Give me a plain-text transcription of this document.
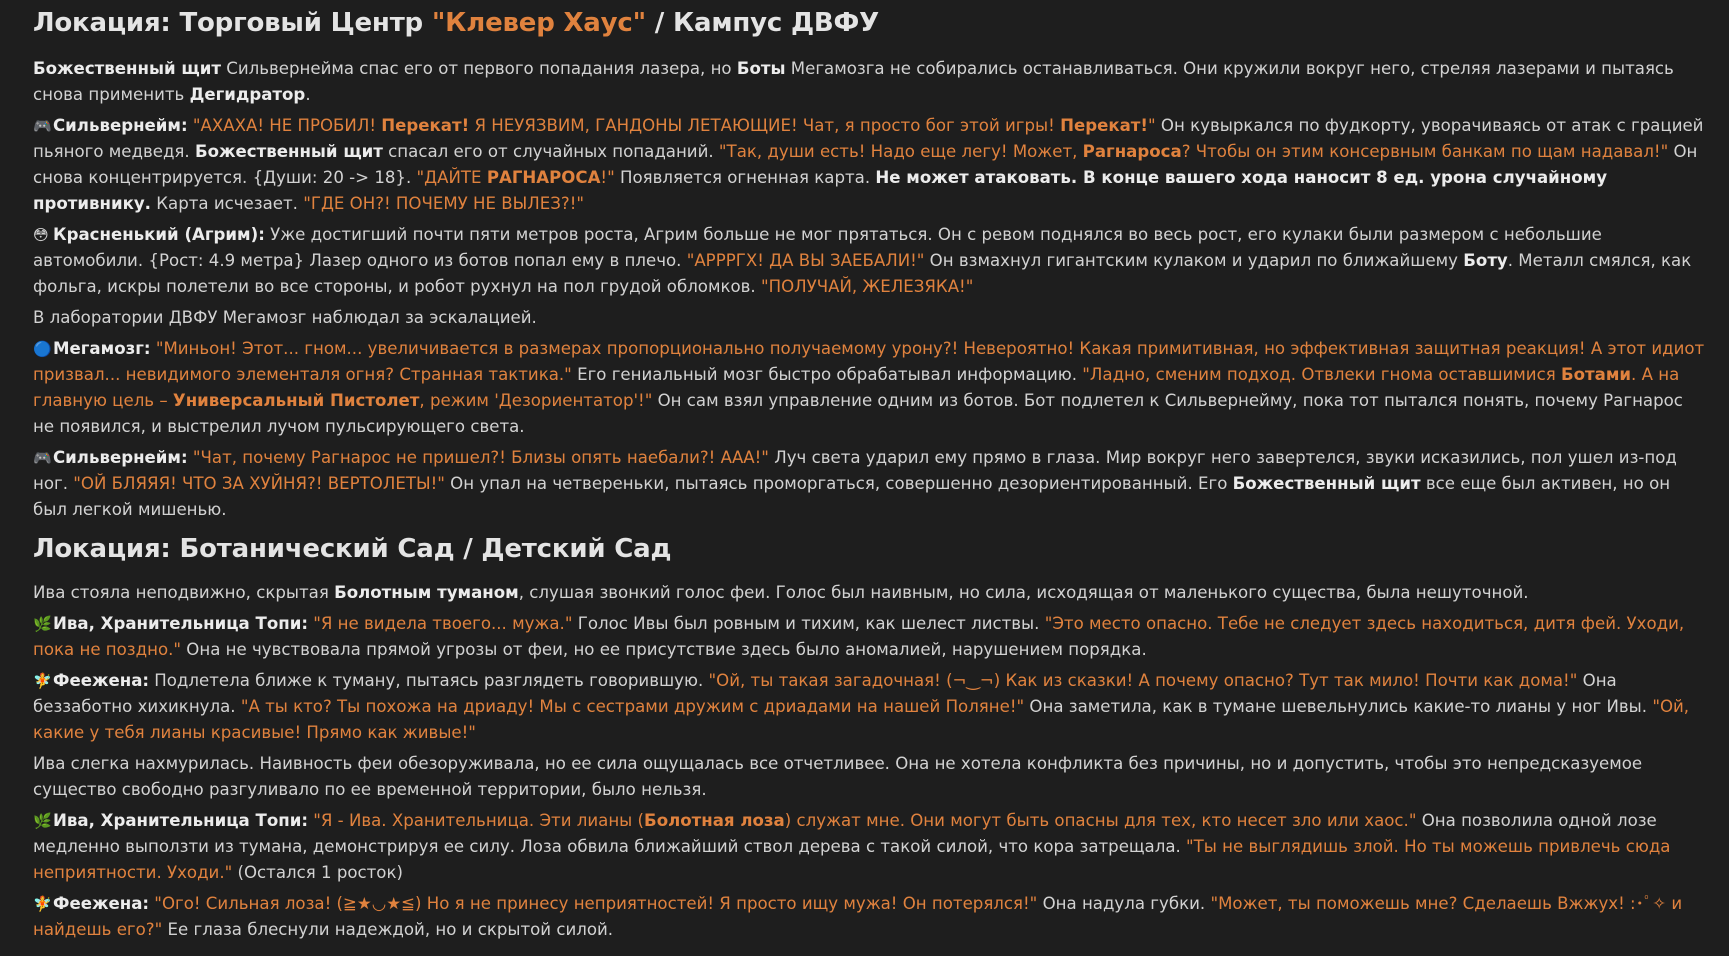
Локация: Торговый Центр "Клевер Хаус" / Кампус ДВФУ

Божественный щит Сильвернейма спас его от первого попадания лазера, но Боты Мегамозга не собирались останавливаться. Они кружили вокруг него, стреляя лазерами и пытаясь снова применить Дегидратор.

🎮Сильвернейм: "АХАХА! НЕ ПРОБИЛ! Перекат! Я НЕУЯЗВИМ, ГАНДОНЫ ЛЕТАЮЩИЕ! Чат, я просто бог этой игры! Перекат!" Он кувыркался по фудкорту, уворачиваясь от атак с грацией пьяного медведя. Божественный щит спасал его от случайных попаданий. "Так, души есть! Надо еще легу! Может, Рагнароса? Чтобы он этим консервным банкам по щам надавал!" Он снова концентрируется. {Души: 20 -> 18}. "ДАЙТЕ РАГНАРОСА!" Появляется огненная карта. Не может атаковать. В конце вашего хода наносит 8 ед. урона случайному противнику. Карта исчезает. "ГДЕ ОН?! ПОЧЕМУ НЕ ВЫЛЕЗ?!"

😳 Красненький (Агрим): Уже достигший почти пяти метров роста, Агрим больше не мог прятаться. Он с ревом поднялся во весь рост, его кулаки были размером с небольшие автомобили. {Рост: 4.9 метра} Лазер одного из ботов попал ему в плечо. "АРРРГХ! ДА ВЫ ЗАЕБАЛИ!" Он взмахнул гигантским кулаком и ударил по ближайшему Боту. Металл смялся, как фольга, искры полетели во все стороны, и робот рухнул на пол грудой обломков. "ПОЛУЧАЙ, ЖЕЛЕЗЯКА!"

В лаборатории ДВФУ Мегамозг наблюдал за эскалацией.

🔵Мегамозг: "Миньон! Этот... гном... увеличивается в размерах пропорционально получаемому урону?! Невероятно! Какая примитивная, но эффективная защитная реакция! А этот идиот призвал... невидимого элементаля огня? Странная тактика." Его гениальный мозг быстро обрабатывал информацию. "Ладно, сменим подход. Отвлеки гнома оставшимися Ботами. А на главную цель – Универсальный Пистолет, режим 'Дезориентатор'!" Он сам взял управление одним из ботов. Бот подлетел к Сильвернейму, пока тот пытался понять, почему Рагнарос не появился, и выстрелил лучом пульсирующего света.

🎮Сильвернейм: "Чат, почему Рагнарос не пришел?! Близы опять наебали?! ААА!" Луч света ударил ему прямо в глаза. Мир вокруг него завертелся, звуки исказились, пол ушел из-под ног. "ОЙ БЛЯЯЯ! ЧТО ЗА ХУЙНЯ?! ВЕРТОЛЕТЫ!" Он упал на четвереньки, пытаясь проморгаться, совершенно дезориентированный. Его Божественный щит все еще был активен, но он был легкой мишенью.

Локация: Ботанический Сад / Детский Сад

Ива стояла неподвижно, скрытая Болотным туманом, слушая звонкий голос феи. Голос был наивным, но сила, исходящая от маленького существа, была нешуточной.

🌿Ива, Хранительница Топи: "Я не видела твоего... мужа." Голос Ивы был ровным и тихим, как шелест листвы. "Это место опасно. Тебе не следует здесь находиться, дитя фей. Уходи, пока не поздно." Она не чувствовала прямой угрозы от феи, но ее присутствие здесь было аномалией, нарушением порядка.

🧚Феежена: Подлетела ближе к туману, пытаясь разглядеть говорившую. "Ой, ты такая загадочная! (¬‿¬) Как из сказки! А почему опасно? Тут так мило! Почти как дома!" Она беззаботно хихикнула. "А ты кто? Ты похожа на дриаду! Мы с сестрами дружим с дриадами на нашей Поляне!" Она заметила, как в тумане шевельнулись какие-то лианы у ног Ивы. "Ой, какие у тебя лианы красивые! Прямо как живые!"

Ива слегка нахмурилась. Наивность феи обезоруживала, но ее сила ощущалась все отчетливее. Она не хотела конфликта без причины, но и допустить, чтобы это непредсказуемое существо свободно разгуливало по ее временной территории, было нельзя.

🌿Ива, Хранительница Топи: "Я - Ива. Хранительница. Эти лианы (Болотная лоза) служат мне. Они могут быть опасны для тех, кто несет зло или хаос." Она позволила одной лозе медленно выползти из тумана, демонстрируя ее силу. Лоза обвила ближайший ствол дерева с такой силой, что кора затрещала. "Ты не выглядишь злой. Но ты можешь привлечь сюда неприятности. Уходи." (Остался 1 росток)

🧚Феежена: "Ого! Сильная лоза! (≧★◡★≦) Но я не принесу неприятностей! Я просто ищу мужа! Он потерялся!" Она надула губки. "Может, ты поможешь мне? Сделаешь Вжжух! :･ﾟ✧ и найдешь его?" Ее глаза блеснули надеждой, но и скрытой силой.
